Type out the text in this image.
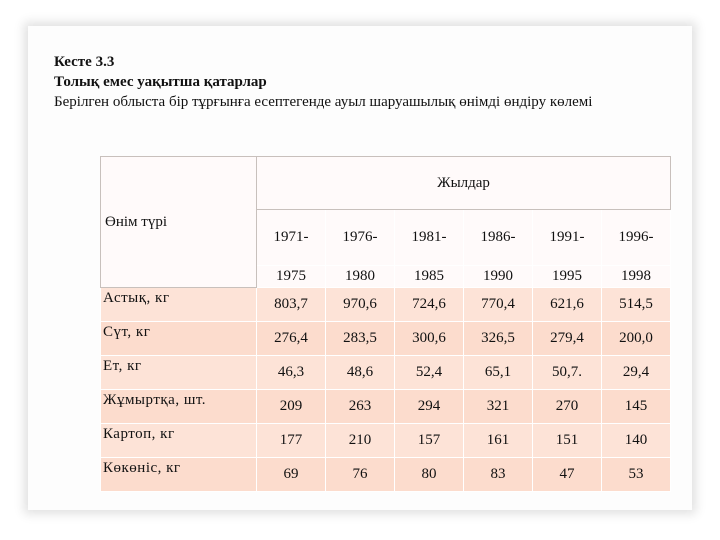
Кесте 3.3
Толық емес уақытша қатарлар
Берілген облыста бір тұрғынға есептегенде ауыл шаруашылық өнімді өндіру көлемі
Өнім түрі	Жылдар					
	1971-	1976-	1981-	1986-	1991-	1996-
	1975	1980	1985	1990	1995	1998
Астық, кг	803,7	970,6	724,6	770,4	621,6	514,5
Сүт, кг	276,4	283,5	300,6	326,5	279,4	200,0
Ет, кг	46,3	48,6	52,4	65,1	50,7.	29,4
Жұмыртқа, шт.	209	263	294	321	270	145
Картоп, кг	177	210	157	161	151	140
Көкөніс, кг	69	76	80	83	47	53
